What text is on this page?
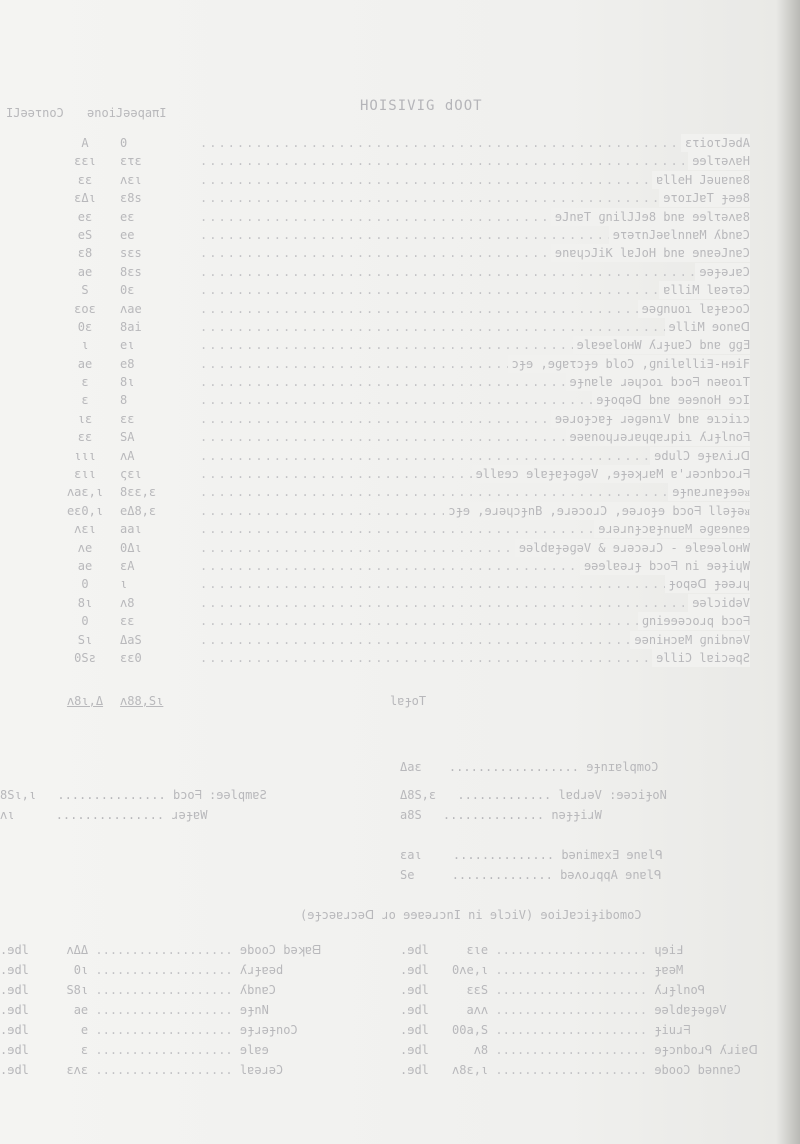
HOISIVIG dOOT
IJəəτnoƆ ənoiJəəqaπI
A	0	..... ετioτJədA
εει	ετε	..... ɘɘlτəʌɐH
εε	ʌει	..... ɐlleH Jəuɐnɐ8
εΔι	ε8s	..... ɘτoɪJɐT ɟəɘ8
eε	eε	..... ɘJnɐT ɡnilJJɘ8 bnɐ ɘɘlτəʌɐ8
eS	ee	..... ɘτəτnJəɐlnnɐM ʎbnɐƆ
ε8	sεs	..... ɘnɐɥɔJiK lɐJoH bnɐ ɘnɐəJnɐƆ
ae	8εs	..... ɘəɟəɹɐƆ
S	0ε	..... ɐlliM lɐəτəƆ
εoε	ʌae	..... ɘəɡnuoɿ lɐɟɐɔoƆ
0ε	8ai	..... ɘlliM ɘonɐᗡ
ι	eι	..... ɘlɐɘɐloʜW ʎɹɟuɐƆ bnɐ ɡɡƎ
ae	e8	..... ɔɟɘ ,ɘɡɐτɔɟɘ bloƆ ,ɡnilɐlli∃-ʜɘiF
ε	8ι	..... ɘɟnɐlɐ ɹəɥɔoɿ bɔoᖷ nəɐoɿT
ε	8	..... ɘɟoqəᗡ bnɐ ɘəɘnoH ɘɔI
ιε	εε	..... ɘəɹoɟɔɐɟ ɹəɡənɿV bnɐ ɘɿɔiɿɔ
εε	SA	..... ɘəɐnoɥɹəɹɐɥqɐɹpiɿ ʎɹɟlnoᖷ
ιιι	ʌA	..... ɘdulƆ ɘɟɐʌiɹᗡ
ειι	ςει	..... ɘllɐɘɔ ɘlɐɟɐɟəɡəV ,ɘɟəʞɹɐM ɐ'ɹəɔnbɔoɹᖷ
ʌaε,ι	8εε,ε	..... ɘɟnɐɹnɐɟɘəᴚ
eε0,ι	eΔ8,ε	..... ɔɟɘ ,ɘɹəɥɔɟnB ,ɘɹəɔoɹƆ ,ɘəɹoɟɘ bɔoᖷ lləɟəᴚ
ʌει	aaι	..... ɘɹəɹnɟɔɐɟnuɐM əɡɐɘnɐɘ
ʌe	0Δι	..... ɘəldɐɟəɡəV & ɘɹəɔəɹƆ - ɘlɐɘəloʜW
ae	εA	..... ɘəɘlɐəɹɟ bɔoᖷ ni ɘəɟiɥW
0	ι	..... ɟoqəᗡ ɟəəɹɥ
8ι	ʌ8	..... ɘəlɔidəV
0	εε	..... ɡniɘɘəɔoɹq bɔoᖷ
Sι	ΔaS	..... ɘəniʜɔɐM ɡnibnəV
0Sƨ	εε0	..... ɘlliƆ lɐiɔəqƧ
ʌ8ι,Δ	ʌ88,Sι	lɐɟoT
Δaε .................. ɘɟnɪɐlqmoƆ
8Sι,ι ............... bɔoᖷ :ɘəlqmɐƧ	Δ8S,ε ............. lɐdɹəV :ɘəɔiɟoN
ʌι	............... ɹəɟɐW	a8S .............. nəɟɟiɹW
εaι	.............. bənimɐxƎ ɘnɐlᑫ
Se	.............. bəʌoɹqqA ɘnɐlᑫ
(ɘɟɔəɐɹɔəᗡ ɹo ɘɘɐəɹɔnI ni ɘlɔiV) ɘoiJɐɔiɟibomoƆ
.ɘdl	ʌΔΔ ................... ɘbooƆ bəʞɐᗺ
.ɘdl	0ι ................... ʎɹɟɐəd
.ɘdl	S8ι ................... ʎbnɐƆ
.ɘdl	ae ................... ɘɟnN
.ɘdl	e ................... ɘɟɹəɟnoƆ
.ɘdl	ε ................... ɘlɐɘ
.ɘdl	εʌε ................... lɐəɹəƆ
.ɘdl	ɛιe ..................... ɥɘiℲ
.ɘdl 0ʌe,ι ..................... ɟɐəM
.ɘdl	εεS ..................... ʎɹɟlnoᑫ
.ɘdl	aʌʌ ..................... ɘəldɐɟəɡəV
.ɘdl 00a,S ..................... ɟiuɹᖷ
.ɘdl	ʌ8 ..................... ɘɟɔnboɹᑫ ʎɹiɐᗡ
.ɘdl ʌ8ε,ι ..................... ɘbooƆ bənnɐƆ
